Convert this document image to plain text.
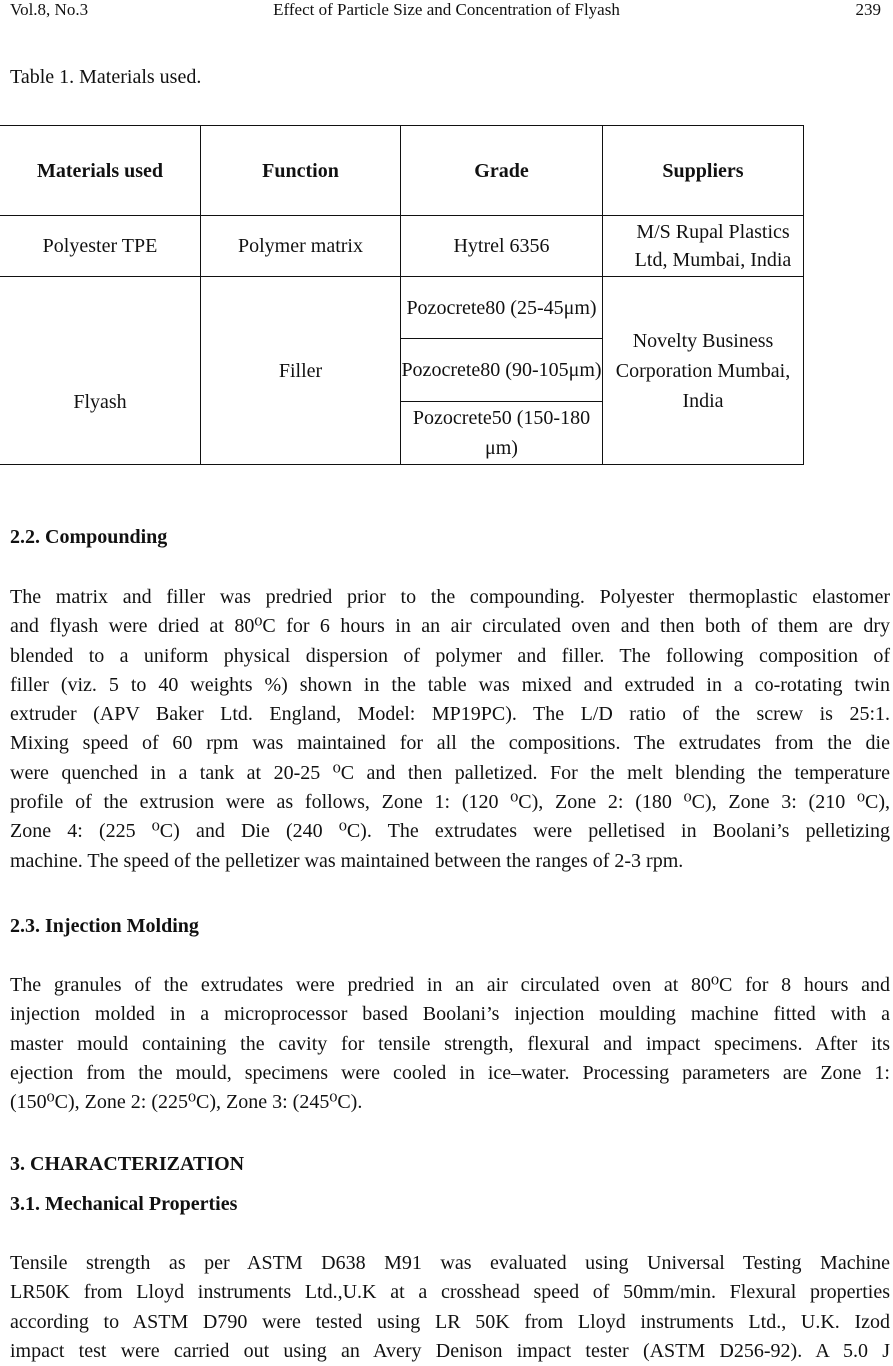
Vol.8, No.3	Effect of Particle Size and Concentration of Flyash	239
Table 1. Materials used.
Materials used	Function	Grade	Suppliers
Polyester TPE	Polymer matrix	Hytrel 6356	M/S Rupal Plastics Ltd, Mumbai, India
Flyash	Filler	Pozocrete80 (25-45μm)	Novelty Business Corporation Mumbai, India
		Pozocrete80 (90-105μm)	
		Pozocrete50 (150-180 μm)	
2.2. Compounding
The matrix and filler was predried prior to the compounding. Polyester thermoplastic elastomer
and flyash were dried at 80⁰C for 6 hours in an air circulated oven and then both of them are dry
blended to a uniform physical dispersion of polymer and filler. The following composition of
filler (viz. 5 to 40 weights %) shown in the table was mixed and extruded in a co-rotating twin
extruder (APV Baker Ltd. England, Model: MP19PC). The L/D ratio of the screw is 25:1.
Mixing speed of 60 rpm was maintained for all the compositions. The extrudates from the die
were quenched in a tank at 20-25 ⁰C and then palletized. For the melt blending the temperature
profile of the extrusion were as follows, Zone 1: (120 ⁰C), Zone 2: (180 ⁰C), Zone 3: (210 ⁰C),
Zone 4: (225 ⁰C) and Die (240 ⁰C). The extrudates were pelletised in Boolani’s pelletizing
machine. The speed of the pelletizer was maintained between the ranges of 2-3 rpm.
2.3. Injection Molding
The granules of the extrudates were predried in an air circulated oven at 80⁰C for 8 hours and
injection molded in a microprocessor based Boolani’s injection moulding machine fitted with a
master mould containing the cavity for tensile strength, flexural and impact specimens. After its
ejection from the mould, specimens were cooled in ice–water. Processing parameters are Zone 1:
(150⁰C), Zone 2: (225⁰C), Zone 3: (245⁰C).
3. CHARACTERIZATION
3.1. Mechanical Properties
Tensile strength as per ASTM D638 M91 was evaluated using Universal Testing Machine
LR50K from Lloyd instruments Ltd.,U.K at a crosshead speed of 50mm/min. Flexural properties
according to ASTM D790 were tested using LR 50K from Lloyd instruments Ltd., U.K. Izod
impact test were carried out using an Avery Denison impact tester (ASTM D256-92). A 5.0 J
